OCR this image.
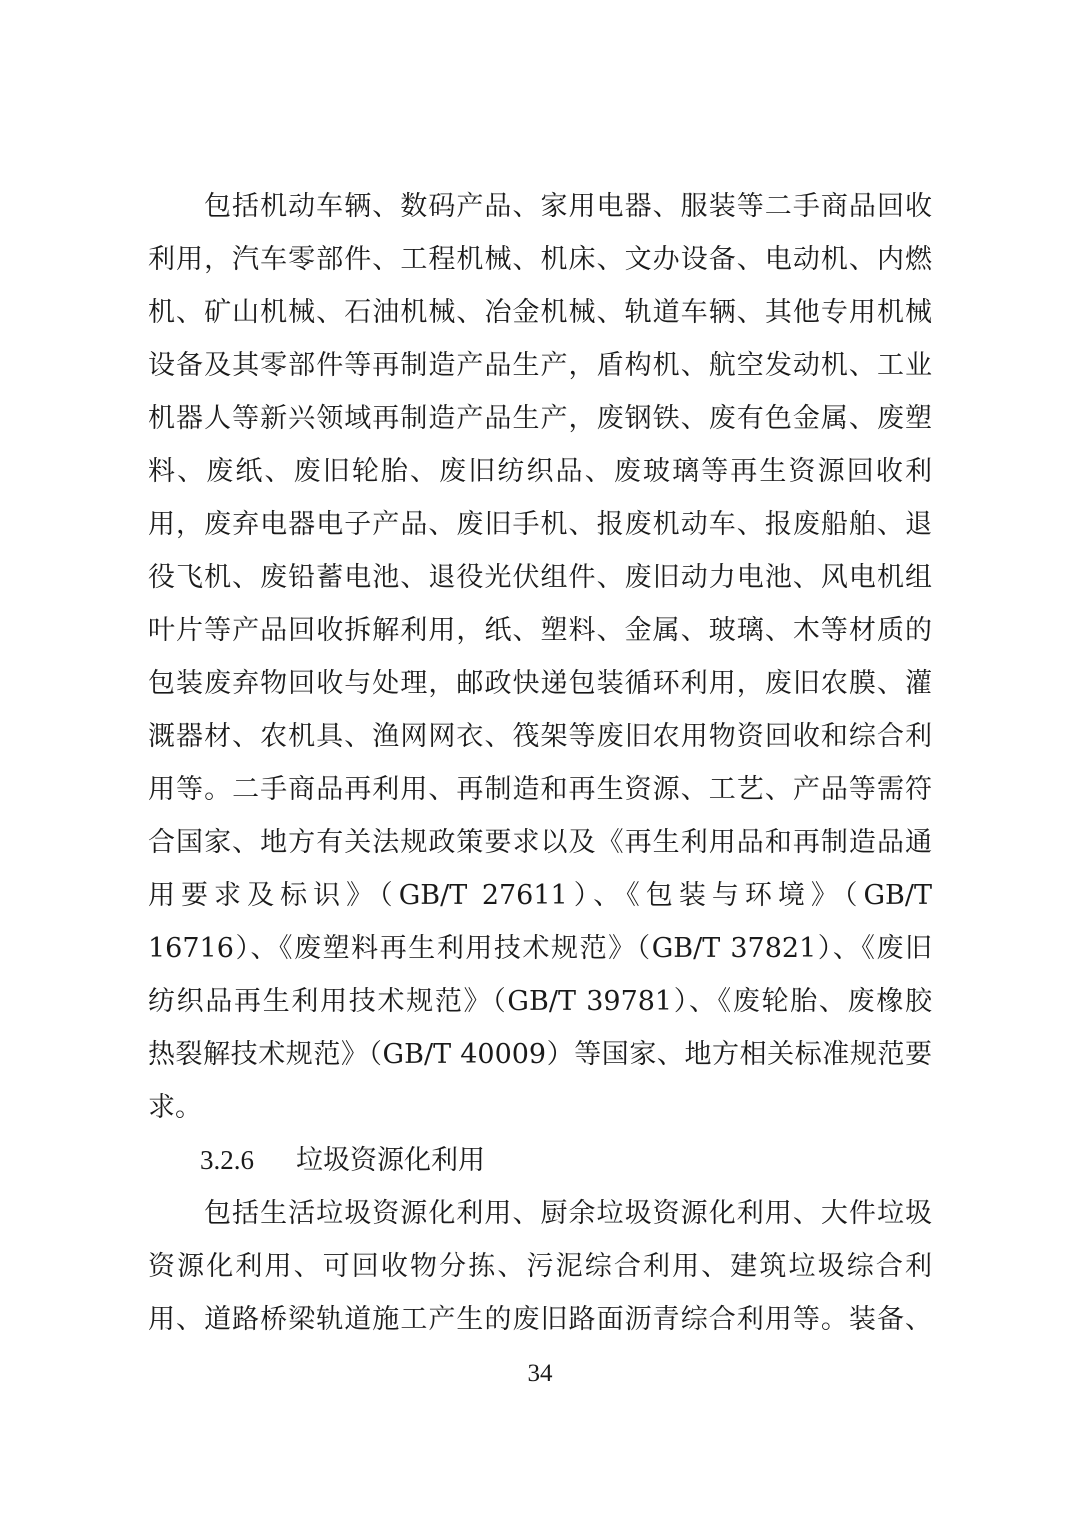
包括机动车辆、数码产品、家用电器、服装等二手商品回收
利用，汽车零部件、工程机械、机床、文办设备、电动机、内燃
机、矿山机械、石油机械、冶金机械、轨道车辆、其他专用机械
设备及其零部件等再制造产品生产，盾构机、航空发动机、工业
机器人等新兴领域再制造产品生产，废钢铁、废有色金属、废塑
料、废纸、废旧轮胎、废旧纺织品、废玻璃等再生资源回收利
用，废弃电器电子产品、废旧手机、报废机动车、报废船舶、退
役飞机、废铅蓄电池、退役光伏组件、废旧动力电池、风电机组
叶片等产品回收拆解利用，纸、塑料、金属、玻璃、木等材质的
包装废弃物回收与处理，邮政快递包装循环利用，废旧农膜、灌
溉器材、农机具、渔网网衣、筏架等废旧农用物资回收和综合利
用等。二手商品再利用、再制造和再生资源、工艺、产品等需符
合国家、地方有关法规政策要求以及《再生利用品和再制造品通
用要求及标识》（GB/T 27611）、《包装与环境》（GB/T
16716）、《废塑料再生利用技术规范》（GB/T 37821）、《废旧
纺织品再生利用技术规范》（GB/T 39781）、《废轮胎、废橡胶
热裂解技术规范》（GB/T 40009）等国家、地方相关标准规范要
求。
3.2.6 垃圾资源化利用
包括生活垃圾资源化利用、厨余垃圾资源化利用、大件垃圾
资源化利用、可回收物分拣、污泥综合利用、建筑垃圾综合利
用、道路桥梁轨道施工产生的废旧路面沥青综合利用等。装备、
34
